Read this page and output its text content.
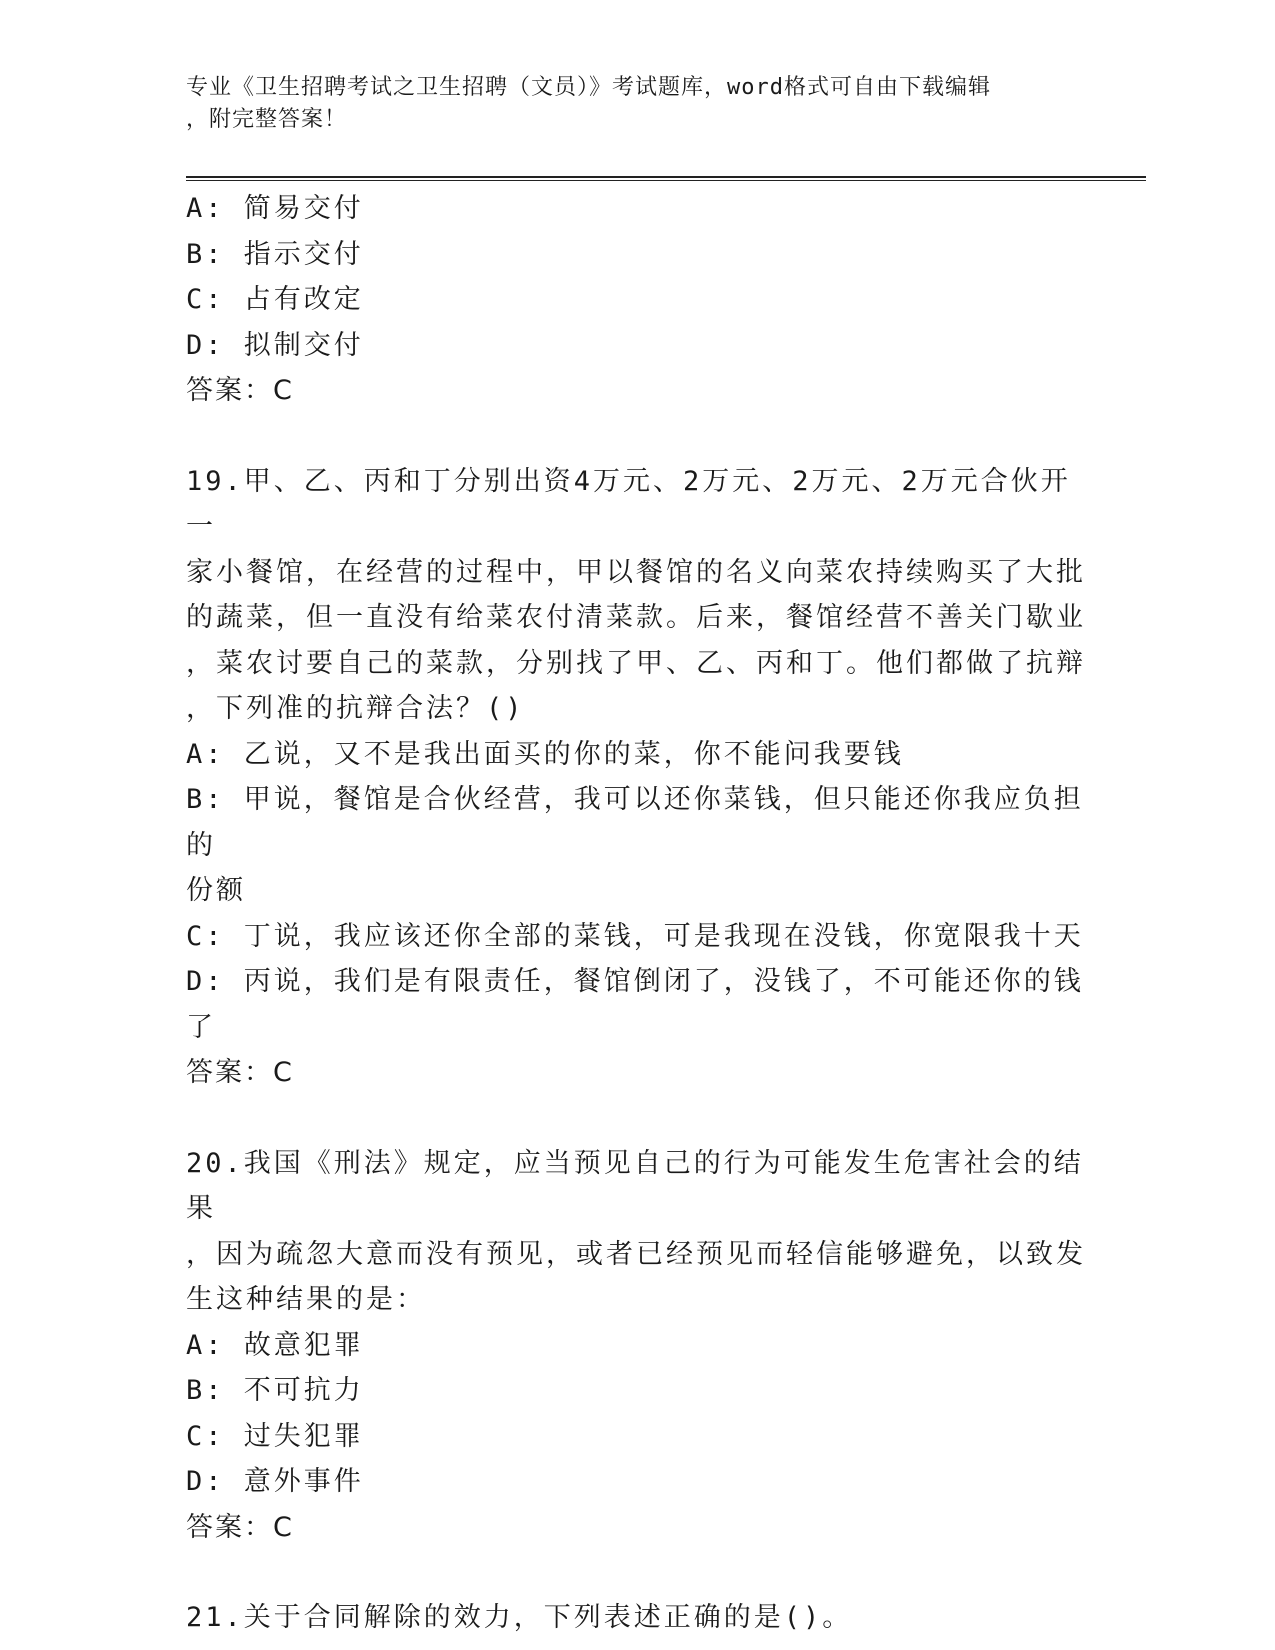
专业《卫生招聘考试之卫生招聘（文员）》考试题库，word格式可自由下载编辑
，附完整答案！
A: 简易交付
B: 指示交付
C: 占有改定
D: 拟制交付
答案：C
19.甲、乙、丙和丁分别出资4万元、2万元、2万元、2万元合伙开一
家小餐馆，在经营的过程中，甲以餐馆的名义向菜农持续购买了大批
的蔬菜，但一直没有给菜农付清菜款。后来，餐馆经营不善关门歇业
，菜农讨要自己的菜款，分别找了甲、乙、丙和丁。他们都做了抗辩
，下列准的抗辩合法？()
A: 乙说，又不是我出面买的你的菜，你不能问我要钱
B: 甲说，餐馆是合伙经营，我可以还你菜钱，但只能还你我应负担的
份额
C: 丁说，我应该还你全部的菜钱，可是我现在没钱，你宽限我十天
D: 丙说，我们是有限责任，餐馆倒闭了，没钱了，不可能还你的钱了
答案：C
20.我国《刑法》规定，应当预见自己的行为可能发生危害社会的结果
，因为疏忽大意而没有预见，或者已经预见而轻信能够避免，以致发
生这种结果的是：
A: 故意犯罪
B: 不可抗力
C: 过失犯罪
D: 意外事件
答案：C
21.关于合同解除的效力，下列表述正确的是()。
